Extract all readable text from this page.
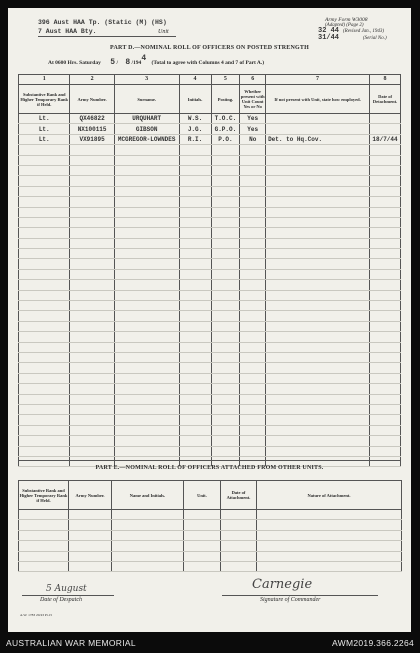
396 Aust HAA Tp. (Static (M) (HS)
7 Aust HAA Bty.	Unit
Army Form W3008
(Adapted) (Page 2)
(Revised Jan., 1943)
(Serial No.)
32 44
31/44
PART D.—NOMINAL ROLL OF OFFICERS ON POSTED STRENGTH
At 0600 Hrs. Saturday 5 / 8 /1944 (Total to agree with Columns 4 and 7 of Part A.)
1	2	3	4	5	6	7	8
Substantive Rank and Higher Temporary Rank if Held.	Army Number.	Surname.	Initials.	Posting.	Whether present with Unit Count Yes or No	If not present with Unit, state how employed.	Date of Detachment.
Lt.	QX46822	URQUHART	W.S.	T.O.C.	Yes		
Lt.	NX100115	GIBSON	J.G.	G.P.O.	Yes		
Lt.	VX91895	MCGREGOR-LOWNDES	R.I.	P.O.	No	Det. to Hq.Cov.	18/7/44

PART E.—NOMINAL ROLL OF OFFICERS ATTACHED FROM OTHER UNITS.
Substantive Rank and Higher Temporary Rank if Held.	Army Number.	Name and Initials.	Unit.	Date of Attachment.	Nature of Attachment.

5 August
Date of Despatch
Carnegie
Signature of Commander
A.W. 1783 20/43 Pt.15
AUSTRALIAN WAR MEMORIAL	AWM2019.366.2264
